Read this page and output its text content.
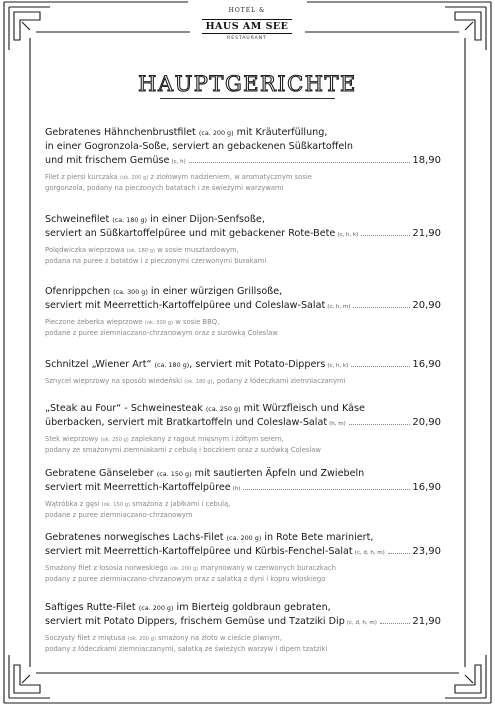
HOTEL &
HAUS AM SEE
RESTAURANT
HAUPTGERICHTE
Gebratenes Hähnchenbrustfilet (ca. 200 g) mit Kräuterfüllung,
in einer Gogronzola-Soße, serviert an gebackenen Süßkartoffeln
und mit frischem Gemüse (c, h)	18,90
Filet z piersi kurczaka (ok. 200 g) z ziołowym nadzieniem, w aromatycznym sosie
gorgonzola, podany na pieczonych batatach i ze świeżymi warzywami
Schweinefilet (ca. 180 g) in einer Dijon-Senfsoße,
serviert an Süßkartoffelpüree und mit gebackener Rote-Bete (c, h, k)	21,90
Polędwiczka wieprzowa (ok. 180 g) w sosie musztardowym,
podana na puree z batatów i z pieczonymi czerwonymi burakami
Ofenrippchen (ca. 300 g) in einer würzigen Grillsoße,
serviert mit Meerrettich-Kartoffelpüree und Coleslaw-Salat (c, h, m)	20,90
Pieczone żeberka wieprzowe (ok. 300 g) w sosie BBQ,
podane z puree ziemniaczano-chrzanowym oraz z surówką Coleslaw
Schnitzel „Wiener Art“ (ca. 180 g), serviert mit Potato-Dippers (c, h, k)	16,90
Sznycel wieprzowy na sposób wiedeński (ok. 180 g), podany z łódeczkami ziemniaczanymi
„Steak au Four“ - Schweinesteak (ca. 250 g) mit Würzfleisch und Käse
überbacken, serviert mit Bratkartoffeln und Coleslaw-Salat (h, m)	20,90
Stek wieprzowy (ok. 250 g) zapiekany z ragout mięsnym i żółtym serem,
podany ze smażonymi ziemniakami z cebulą i boczkiem oraz z surówką Coleslaw
Gebratene Gänseleber (ca. 150 g) mit sautierten Äpfeln und Zwiebeln
serviert mit Meerrettich-Kartoffelpüree (h)	16,90
Wątróbka z gęsi (ok. 150 g) smażona z jabłkami i cebulą,
podane z puree ziemniaczano-chrzanowym
Gebratenes norwegisches Lachs-Filet (ca. 200 g) in Rote Bete mariniert,
serviert mit Meerrettich-Kartoffelpüree und Kürbis-Fenchel-Salat (c, d, h, m)	23,90
Smażony filet z łososia norweskiego (ok. 200 g) marynowany w czerwonych buraczkach
podany z puree ziemniaczano-chrzanowym oraz z sałatką z dyni i kopru włoskiego
Saftiges Rutte-Filet (ca. 200 g) im Bierteig goldbraun gebraten,
serviert mit Potato Dippers, frischem Gemüse und Tzatziki Dip (c, d, h, m)	21,90
Soczysty filet z miętusa (ok. 200 g) smażony na złoto w cieście piwnym,
podany z łódeczkami ziemniaczanymi, sałatką ze świeżych warzyw i dipem tzatziki
